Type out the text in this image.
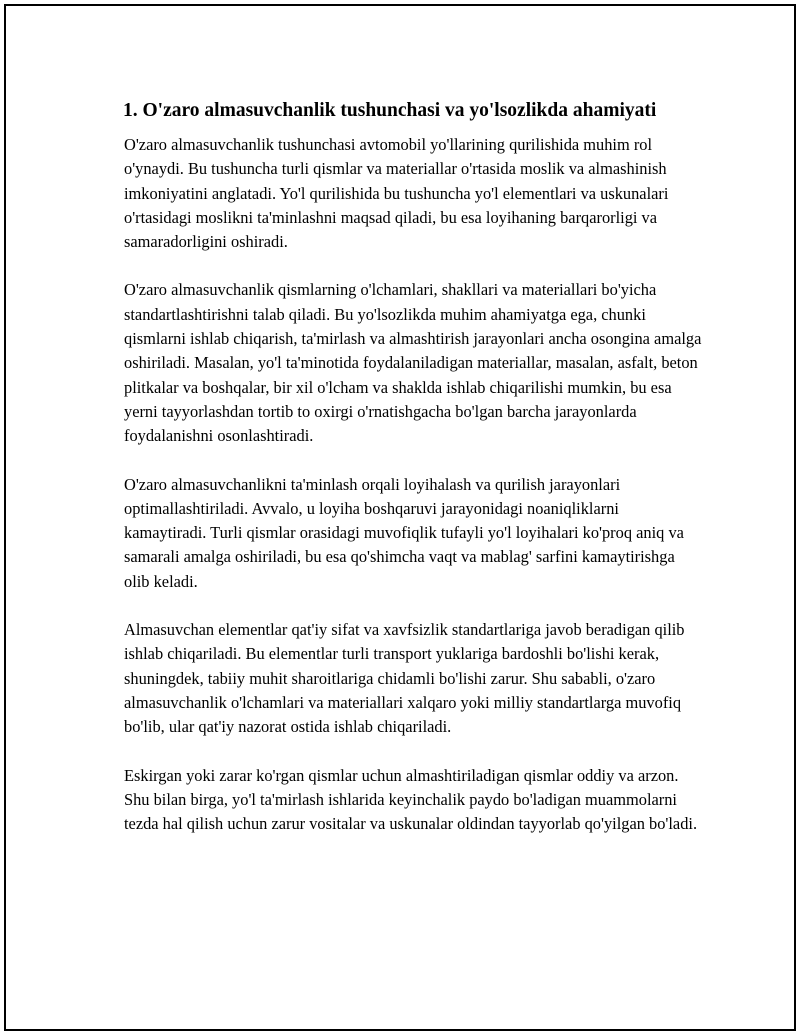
1. O'zaro almasuvchanlik tushunchasi va yo'lsozlikda ahamiyati

O'zaro almasuvchanlik tushunchasi avtomobil yo'llarining qurilishida muhim rol o'ynaydi. Bu tushuncha turli qismlar va materiallar o'rtasida moslik va almashinish imkoniyatini anglatadi. Yo'l qurilishida bu tushuncha yo'l elementlari va uskunalari o'rtasidagi moslikni ta'minlashni maqsad qiladi, bu esa loyihaning barqarorligi va samaradorligini oshiradi.

O'zaro almasuvchanlik qismlarning o'lchamlari, shakllari va materiallari bo'yicha standartlashtirishni talab qiladi. Bu yo'lsozlikda muhim ahamiyatga ega, chunki qismlarni ishlab chiqarish, ta'mirlash va almashtirish jarayonlari ancha osongina amalga oshiriladi. Masalan, yo'l ta'minotida foydalaniladigan materiallar, masalan, asfalt, beton plitkalar va boshqalar, bir xil o'lcham va shaklda ishlab chiqarilishi mumkin, bu esa yerni tayyorlashdan tortib to oxirgi o'rnatishgacha bo'lgan barcha jarayonlarda foydalanishni osonlashtiradi.

O'zaro almasuvchanlikni ta'minlash orqali loyihalash va qurilish jarayonlari optimallashtiriladi. Avvalo, u loyiha boshqaruvi jarayonidagi noaniqliklarni kamaytiradi. Turli qismlar orasidagi muvofiqlik tufayli yo'l loyihalari ko'proq aniq va samarali amalga oshiriladi, bu esa qo'shimcha vaqt va mablag' sarfini kamaytirishga olib keladi.

Almasuvchan elementlar qat'iy sifat va xavfsizlik standartlariga javob beradigan qilib ishlab chiqariladi. Bu elementlar turli transport yuklariga bardoshli bo'lishi kerak, shuningdek, tabiiy muhit sharoitlariga chidamli bo'lishi zarur. Shu sababli, o'zaro almasuvchanlik o'lchamlari va materiallari xalqaro yoki milliy standartlarga muvofiq bo'lib, ular qat'iy nazorat ostida ishlab chiqariladi.

Eskirgan yoki zarar ko'rgan qismlar uchun almashtiriladigan qismlar oddiy va arzon. Shu bilan birga, yo'l ta'mirlash ishlarida keyinchalik paydo bo'ladigan muammolarni tezda hal qilish uchun zarur vositalar va uskunalar oldindan tayyorlab qo'yilgan bo'ladi.
